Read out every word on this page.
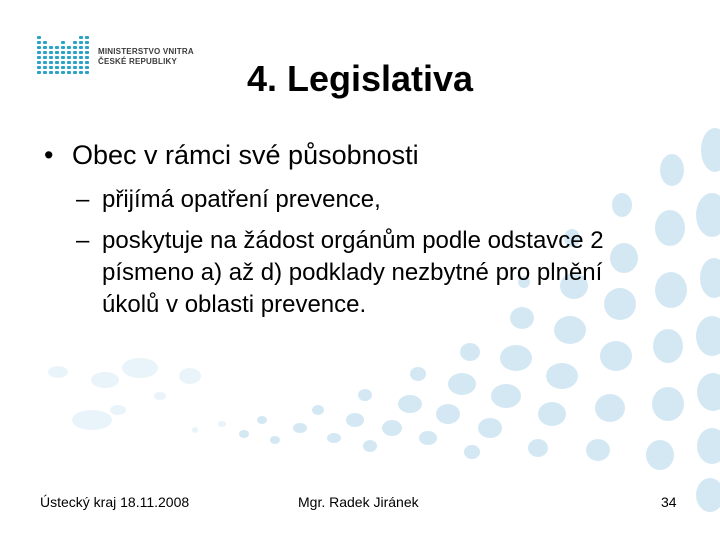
MINISTERSTVO VNITRA
ČESKÉ REPUBLIKY	4. Legislativa
• Obec v rámci své působnosti
– přijímá opatření prevence,
– poskytuje na žádost orgánům podle odstavce 2
písmeno a) až d) podklady nezbytné pro plnění
úkolů v oblasti prevence.
Ústecký kraj 18.11.2008	Mgr. Radek Jiránek	34
